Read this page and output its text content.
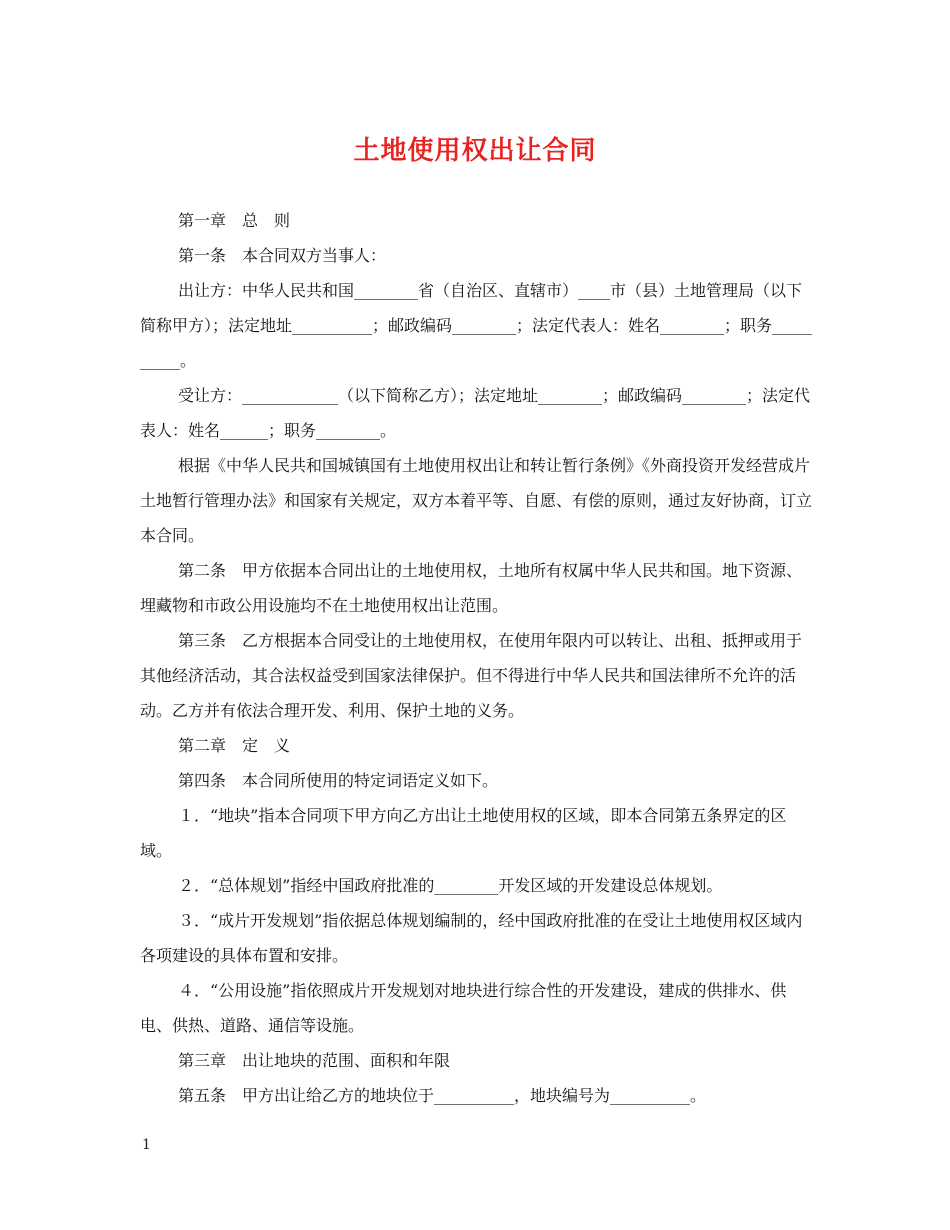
土地使用权出让合同

第一章　总　则

第一条　本合同双方当事人：

出让方：中华人民共和国________省（自治区、直辖市）____市（县）土地管理局（以下简称甲方）；法定地址__________；邮政编码________；法定代表人：姓名________；职务__________。

受让方：____________（以下简称乙方）；法定地址________；邮政编码________；法定代表人：姓名______；职务________。

根据《中华人民共和国城镇国有土地使用权出让和转让暂行条例》《外商投资开发经营成片土地暂行管理办法》和国家有关规定，双方本着平等、自愿、有偿的原则，通过友好协商，订立本合同。

第二条　甲方依据本合同出让的土地使用权，土地所有权属中华人民共和国。地下资源、埋藏物和市政公用设施均不在土地使用权出让范围。

第三条　乙方根据本合同受让的土地使用权，在使用年限内可以转让、出租、抵押或用于其他经济活动，其合法权益受到国家法律保护。但不得进行中华人民共和国法律所不允许的活动。乙方并有依法合理开发、利用、保护土地的义务。

第二章　定　义

第四条　本合同所使用的特定词语定义如下。

１．“地块”指本合同项下甲方向乙方出让土地使用权的区域，即本合同第五条界定的区域。

２．“总体规划”指经中国政府批准的________开发区域的开发建设总体规划。

３．“成片开发规划”指依据总体规划编制的，经中国政府批准的在受让土地使用权区域内各项建设的具体布置和安排。

４．“公用设施”指依照成片开发规划对地块进行综合性的开发建设，建成的供排水、供电、供热、道路、通信等设施。

第三章　出让地块的范围、面积和年限

第五条　甲方出让给乙方的地块位于__________，地块编号为__________。

1
